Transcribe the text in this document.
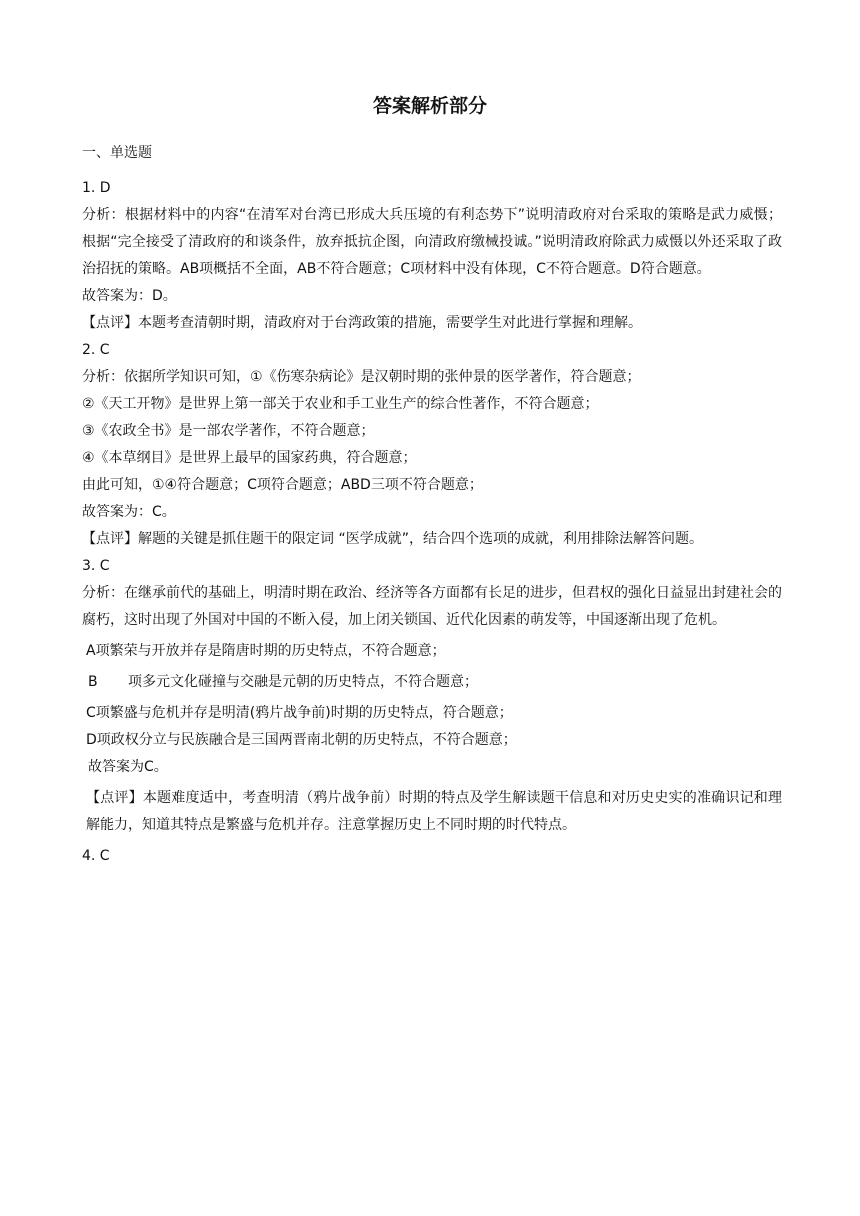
答案解析部分
一、单选题
1. D
分析：根据材料中的内容“在清军对台湾已形成大兵压境的有利态势下”说明清政府对台采取的策略是武力威慑；根据“完全接受了清政府的和谈条件，放弃抵抗企图，向清政府缴械投诚。”说明清政府除武力威慑以外还采取了政治招抚的策略。AB项概括不全面，AB不符合题意；C项材料中没有体现，C不符合题意。D符合题意。
故答案为：D。
【点评】本题考查清朝时期，清政府对于台湾政策的措施，需要学生对此进行掌握和理解。
2. C
分析：依据所学知识可知，①《伤寒杂病论》是汉朝时期的张仲景的医学著作，符合题意；
②《天工开物》是世界上第一部关于农业和手工业生产的综合性著作，不符合题意；
③《农政全书》是一部农学著作，不符合题意；
④《本草纲目》是世界上最早的国家药典，符合题意；
由此可知，①④符合题意；C项符合题意；ABD三项不符合题意；
故答案为：C。
【点评】解题的关键是抓住题干的限定词 “医学成就”，结合四个选项的成就，利用排除法解答问题。
3. C
分析：在继承前代的基础上，明清时期在政治、经济等各方面都有长足的进步，但君权的强化日益显出封建社会的腐朽，这时出现了外国对中国的不断入侵，加上闭关锁国、近代化因素的萌发等，中国逐渐出现了危机。
A项繁荣与开放并存是隋唐时期的历史特点，不符合题意；
B 项多元文化碰撞与交融是元朝的历史特点，不符合题意；
C项繁盛与危机并存是明清(鸦片战争前)时期的历史特点，符合题意；
D项政权分立与民族融合是三国两晋南北朝的历史特点，不符合题意；
故答案为C。
【点评】本题难度适中，考查明清（鸦片战争前）时期的特点及学生解读题干信息和对历史史实的准确识记和理解能力，知道其特点是繁盛与危机并存。注意掌握历史上不同时期的时代特点。
4. C
